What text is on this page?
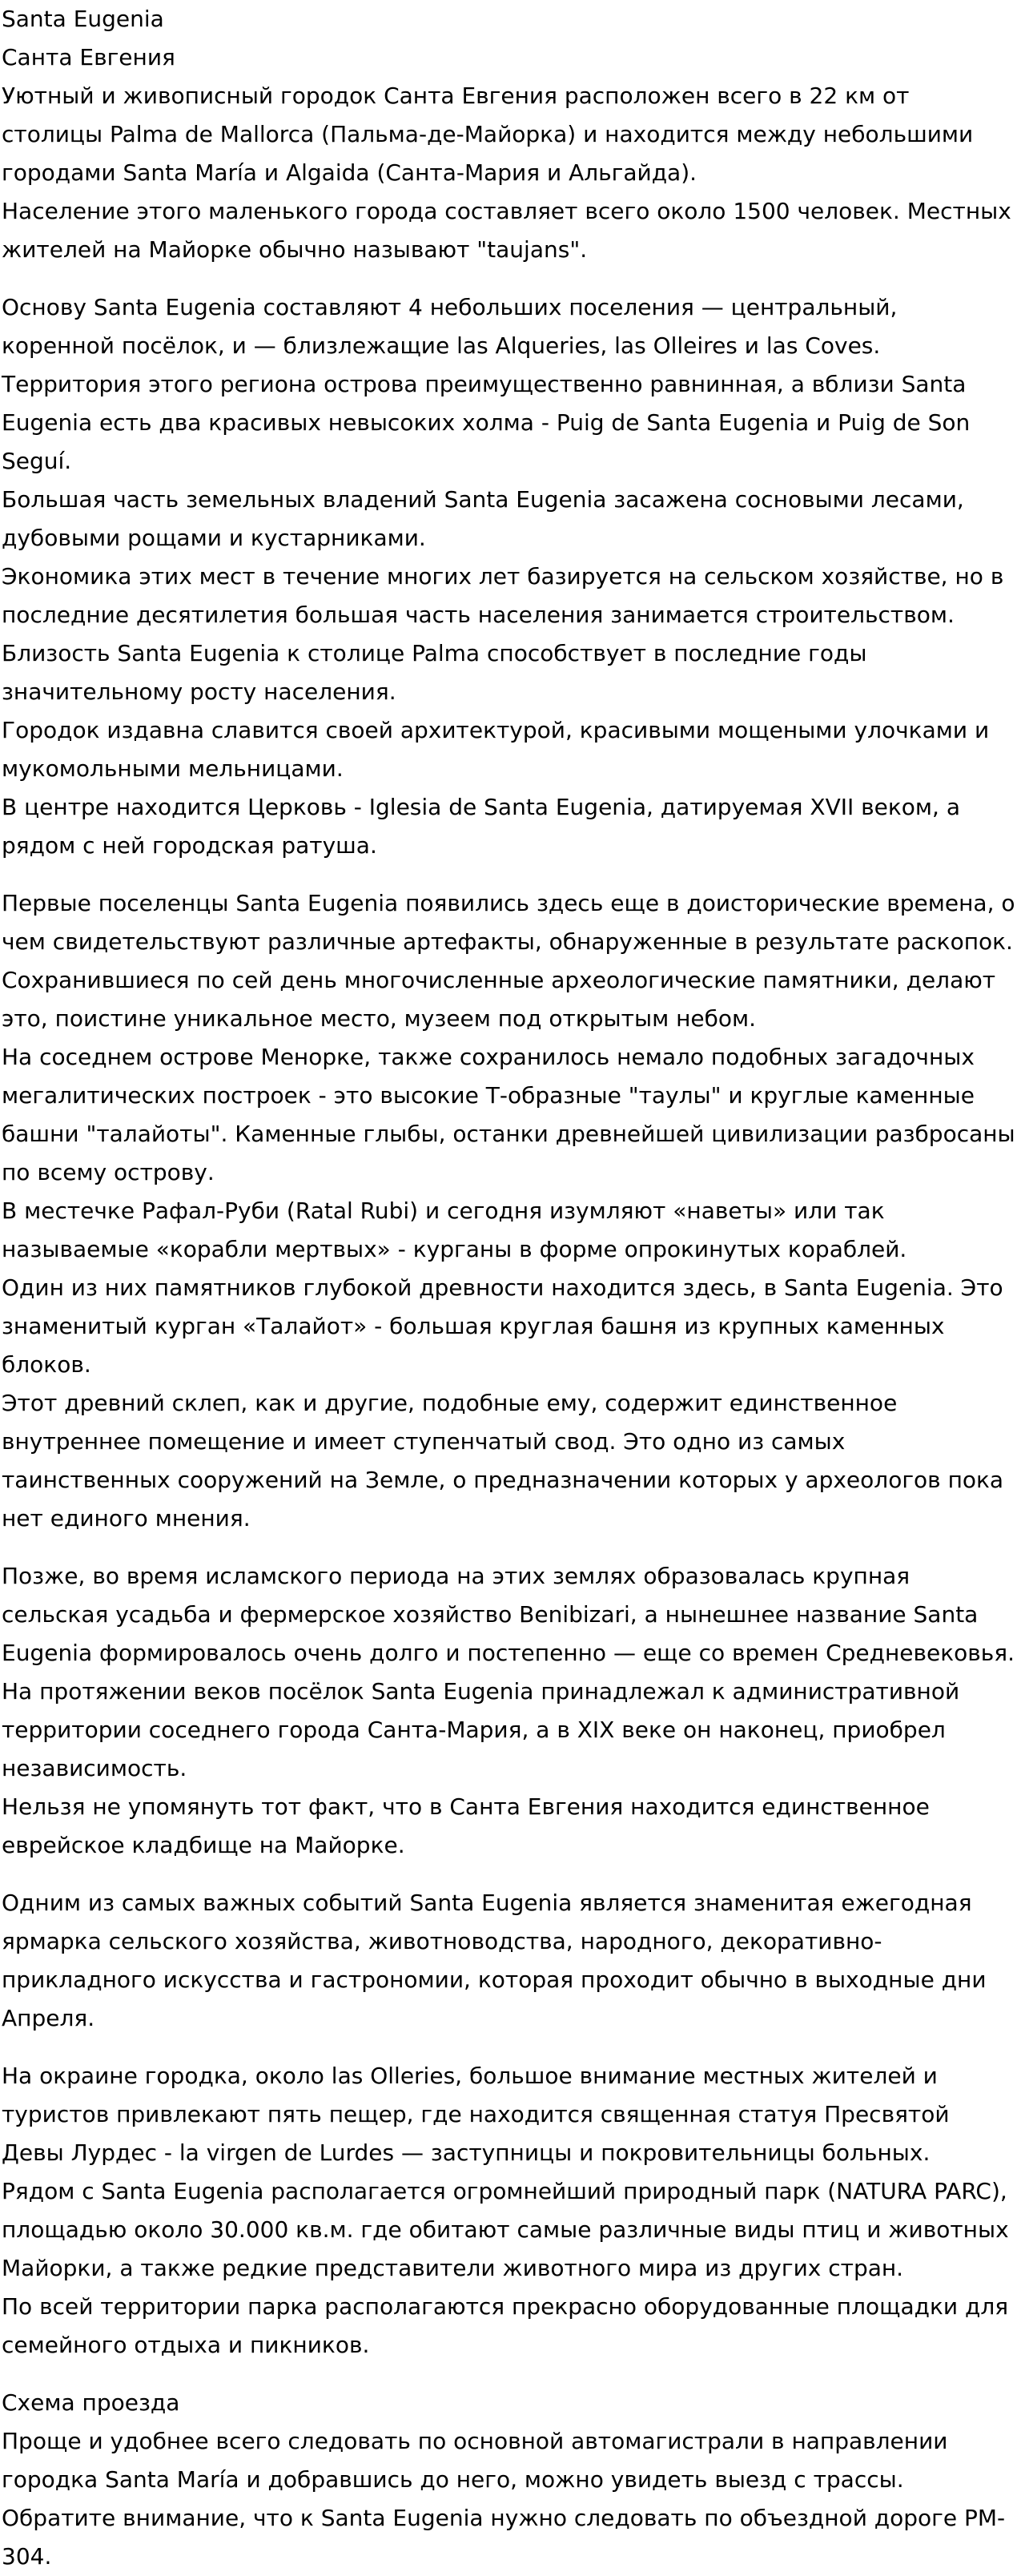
Santa Eugenia
Санта Евгения

Уютный и живописный городок Санта Евгения расположен всего в 22 км от столицы Palma de Mallorca (Пальма-де-Майорка) и находится между небольшими городами Santa María и Algaida (Санта-Мария и Альгайда).

Население этого маленького города составляет всего около 1500 человек. Местных жителей на Майорке обычно называют "taujans".

Основу Santa Eugenia составляют 4 небольших поселения — центральный, коренной посёлок, и — близлежащие las Alqueries, las Olleires и las Coves.

Территория этого региона острова преимущественно равнинная, а вблизи Santa Eugenia есть два красивых невысоких холма - Puig de Santa Eugenia и Puig de Son Seguí.

Большая часть земельных владений Santa Eugenia засажена сосновыми лесами, дубовыми рощами и кустарниками.

Экономика этих мест в течение многих лет базируется на сельском хозяйстве, но в последние десятилетия большая часть населения занимается строительством.

Близость Santa Eugenia к столице Palma способствует в последние годы значительному росту населения.

Городок издавна славится своей архитектурой, красивыми мощеными улочками и мукомольными мельницами.

В центре находится Церковь - Iglesia de Santa Eugenia, датируемая XVII веком, а рядом с ней городская ратуша.

Первые поселенцы Santa Eugenia появились здесь еще в доисторические времена, о чем свидетельствуют различные артефакты, обнаруженные в результате раскопок.

Сохранившиеся по сей день многочисленные археологические памятники, делают это, поистине уникальное место, музеем под открытым небом.

На соседнем острове Менорке, также сохранилось немало подобных загадочных мегалитических построек - это высокие Т-образные "таулы" и круглые каменные башни "талайоты". Каменные глыбы, останки древнейшей цивилизации разбросаны по всему острову.

В местечке Рафал-Руби (Ratal Rubi) и сегодня изумляют «наветы» или так называемые «корабли мертвых» - курганы в форме опрокинутых кораблей.

Один из них памятников глубокой древности находится здесь, в Santa Eugenia. Это знаменитый курган «Талайот» - большая круглая башня из крупных каменных блоков.

Этот древний склеп, как и другие, подобные ему, содержит единственное внутреннее помещение и имеет ступенчатый свод. Это одно из самых таинственных сооружений на Земле, о предназначении которых у археологов пока нет единого мнения.

Позже, во время исламского периода на этих землях образовалась крупная сельская усадьба и фермерское хозяйство Benibizari, а нынешнее название Santa Eugenia формировалось очень долго и постепенно — еще со времен Средневековья.

На протяжении веков посёлок Santa Eugenia принадлежал к административной территории соседнего города Санта-Мария, а в XIX веке он наконец, приобрел независимость.

Нельзя не упомянуть тот факт, что в Санта Евгения находится единственное еврейское кладбище на Майорке.

Одним из самых важных событий Santa Eugenia является знаменитая ежегодная ярмарка сельского хозяйства, животноводства, народного, декоративно-прикладного искусства и гастрономии, которая проходит обычно в выходные дни Апреля.

На окраине городка, около las Olleries, большое внимание местных жителей и туристов привлекают пять пещер, где находится священная статуя Пресвятой Девы Лурдес - la virgen de Lurdes — заступницы и покровительницы больных.

Рядом с Santa Eugenia располагается огромнейший природный парк (NATURA PARC), площадью около 30.000 кв.м. где обитают самые различные виды птиц и животных Майорки, а также редкие представители животного мира из других стран.

По всей территории парка располагаются прекрасно оборудованные площадки для семейного отдыха и пикников.

Схема проезда

Проще и удобнее всего следовать по основной автомагистрали в направлении городка Santa María и добравшись до него, можно увидеть выезд с трассы. Обратите внимание, что к Santa Eugenia нужно следовать по объездной дороге PM-304.
